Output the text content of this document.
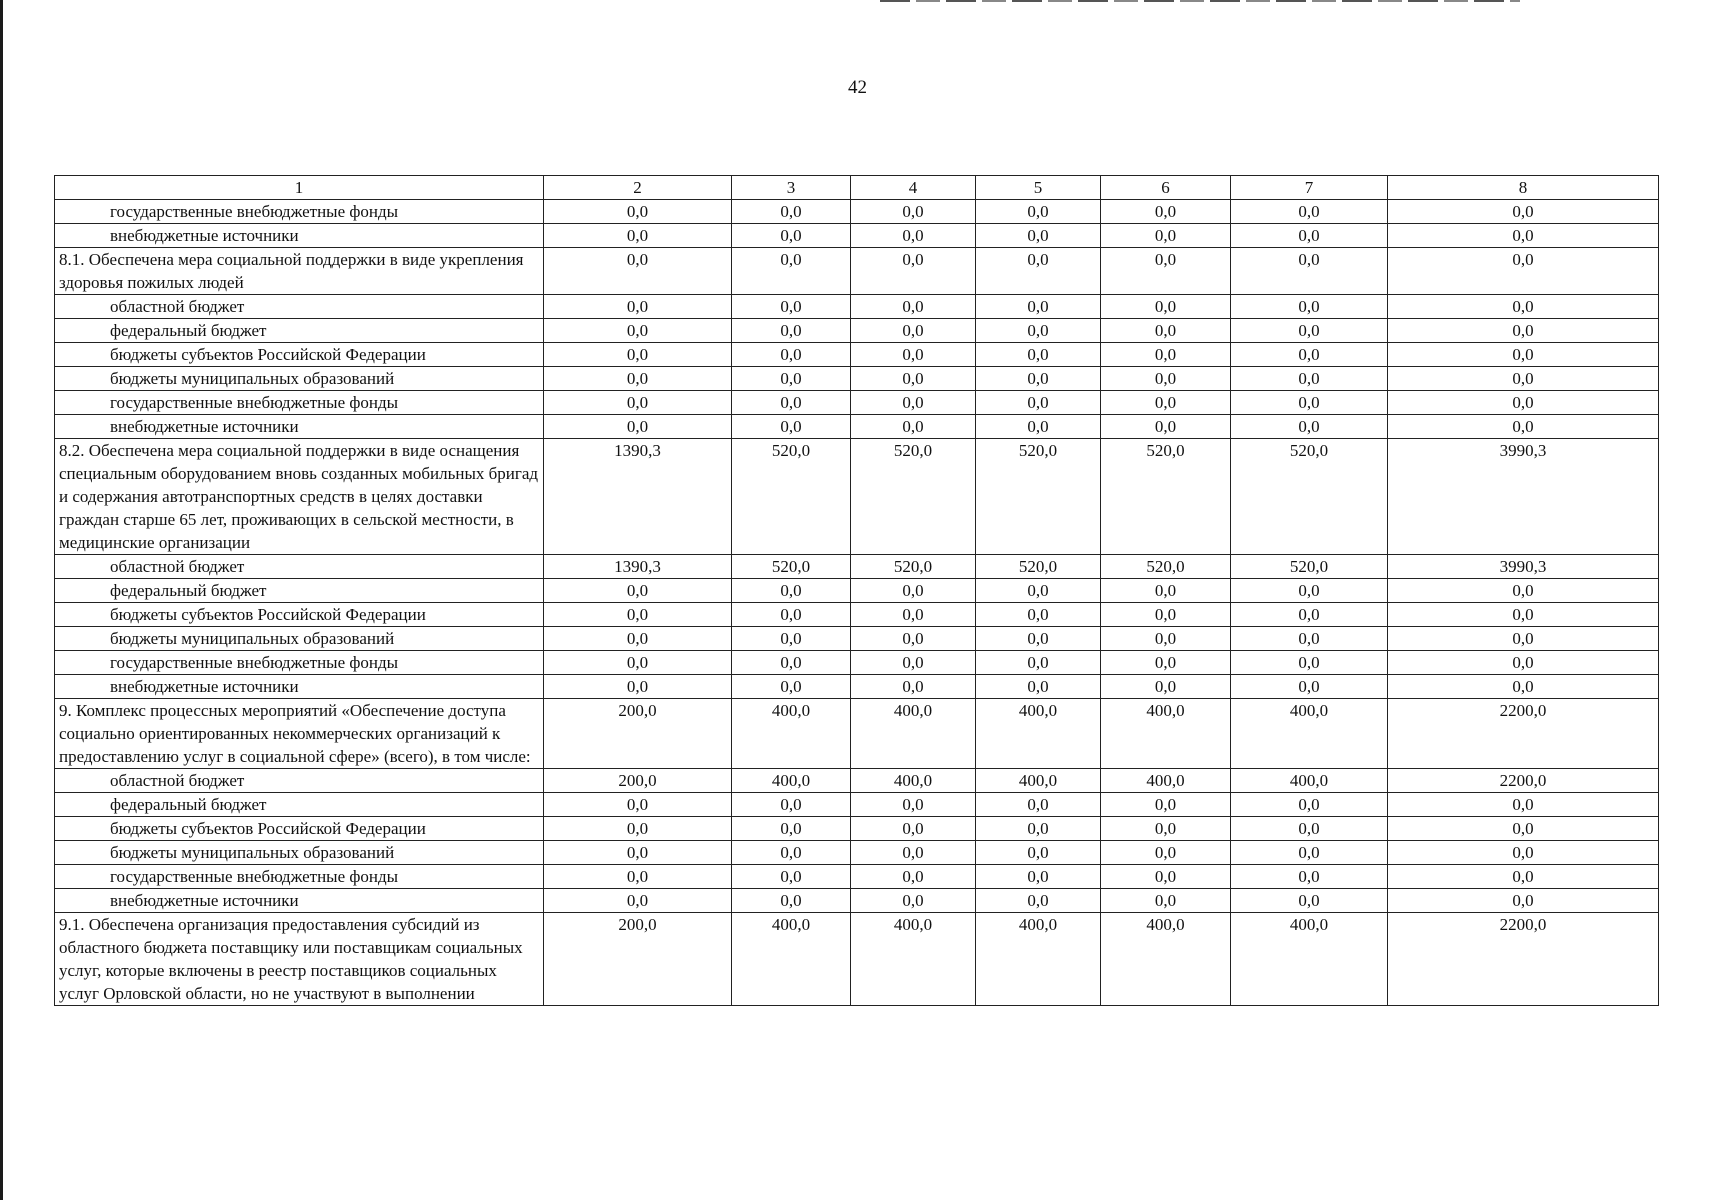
42
1	2	3	4	5	6	7	8
государственные внебюджетные фонды	0,0	0,0	0,0	0,0	0,0	0,0	0,0
внебюджетные источники	0,0	0,0	0,0	0,0	0,0	0,0	0,0
8.1. Обеспечена мера социальной поддержки в виде укрепления здоровья пожилых людей	0,0	0,0	0,0	0,0	0,0	0,0	0,0
областной бюджет	0,0	0,0	0,0	0,0	0,0	0,0	0,0
федеральный бюджет	0,0	0,0	0,0	0,0	0,0	0,0	0,0
бюджеты субъектов Российской Федерации	0,0	0,0	0,0	0,0	0,0	0,0	0,0
бюджеты муниципальных образований	0,0	0,0	0,0	0,0	0,0	0,0	0,0
государственные внебюджетные фонды	0,0	0,0	0,0	0,0	0,0	0,0	0,0
внебюджетные источники	0,0	0,0	0,0	0,0	0,0	0,0	0,0
8.2. Обеспечена мера социальной поддержки в виде оснащения специальным оборудованием вновь созданных мобильных бригад и содержания автотранспортных средств в целях доставки граждан старше 65 лет, проживающих в сельской местности, в медицинские организации	1390,3	520,0	520,0	520,0	520,0	520,0	3990,3
областной бюджет	1390,3	520,0	520,0	520,0	520,0	520,0	3990,3
федеральный бюджет	0,0	0,0	0,0	0,0	0,0	0,0	0,0
бюджеты субъектов Российской Федерации	0,0	0,0	0,0	0,0	0,0	0,0	0,0
бюджеты муниципальных образований	0,0	0,0	0,0	0,0	0,0	0,0	0,0
государственные внебюджетные фонды	0,0	0,0	0,0	0,0	0,0	0,0	0,0
внебюджетные источники	0,0	0,0	0,0	0,0	0,0	0,0	0,0
9. Комплекс процессных мероприятий «Обеспечение доступа социально ориентированных некоммерческих организаций к предоставлению услуг в социальной сфере» (всего), в том числе:	200,0	400,0	400,0	400,0	400,0	400,0	2200,0
областной бюджет	200,0	400,0	400,0	400,0	400,0	400,0	2200,0
федеральный бюджет	0,0	0,0	0,0	0,0	0,0	0,0	0,0
бюджеты субъектов Российской Федерации	0,0	0,0	0,0	0,0	0,0	0,0	0,0
бюджеты муниципальных образований	0,0	0,0	0,0	0,0	0,0	0,0	0,0
государственные внебюджетные фонды	0,0	0,0	0,0	0,0	0,0	0,0	0,0
внебюджетные источники	0,0	0,0	0,0	0,0	0,0	0,0	0,0
9.1. Обеспечена организация предоставления субсидий из областного бюджета поставщику или поставщикам социальных услуг, которые включены в реестр поставщиков социальных услуг Орловской области, но не участвуют в выполнении	200,0	400,0	400,0	400,0	400,0	400,0	2200,0
